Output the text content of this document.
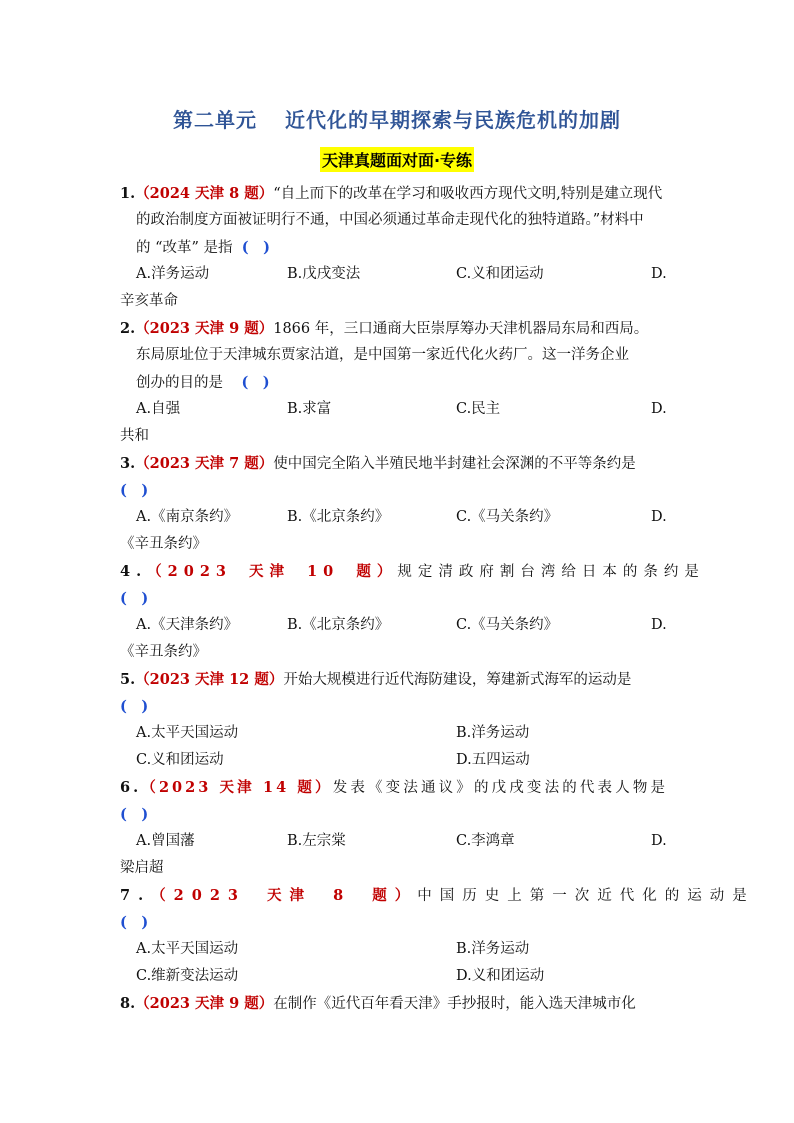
第二单元 近代化的早期探索与民族危机的加剧
天津真题面对面·专练
1.（2024 天津 8 题）“自上而下的改革在学习和吸收西方现代文明,特别是建立现代
的政治制度方面被证明行不通，中国必须通过革命走现代化的独特道路。”材料中
的 “改革” 是指 (　)
A.洋务运动	B.戊戌变法	C.义和团运动	D.
辛亥革命
2.（2023 天津 9 题）1866 年，三口通商大臣崇厚筹办天津机器局东局和西局。
东局原址位于天津城东贾家沽道，是中国第一家近代化火药厂。这一洋务企业
创办的目的是 (　)
A.自强	B.求富	C.民主	D.
共和
3.（2023 天津 7 题）使中国完全陷入半殖民地半封建社会深渊的不平等条约是
(　)
A.《南京条约》	B.《北京条约》	C.《马关条约》	D.
《辛丑条约》
4.（2023 天津 10 题）规定清政府割台湾给日本的条约是
(　)
A.《天津条约》	B.《北京条约》	C.《马关条约》	D.
《辛丑条约》
5.（2023 天津 12 题）开始大规模进行近代海防建设，筹建新式海军的运动是
(　)
A.太平天国运动	B.洋务运动
C.义和团运动	D.五四运动
6.（2023 天津 14 题）发表《变法通议》的戊戌变法的代表人物是
(　)
A.曾国藩	B.左宗棠	C.李鸿章	D.
梁启超
7.（2023 天津 8 题）中国历史上第一次近代化的运动是
(　)
A.太平天国运动	B.洋务运动
C.维新变法运动	D.义和团运动
8.（2023 天津 9 题）在制作《近代百年看天津》手抄报时，能入选天津城市化
